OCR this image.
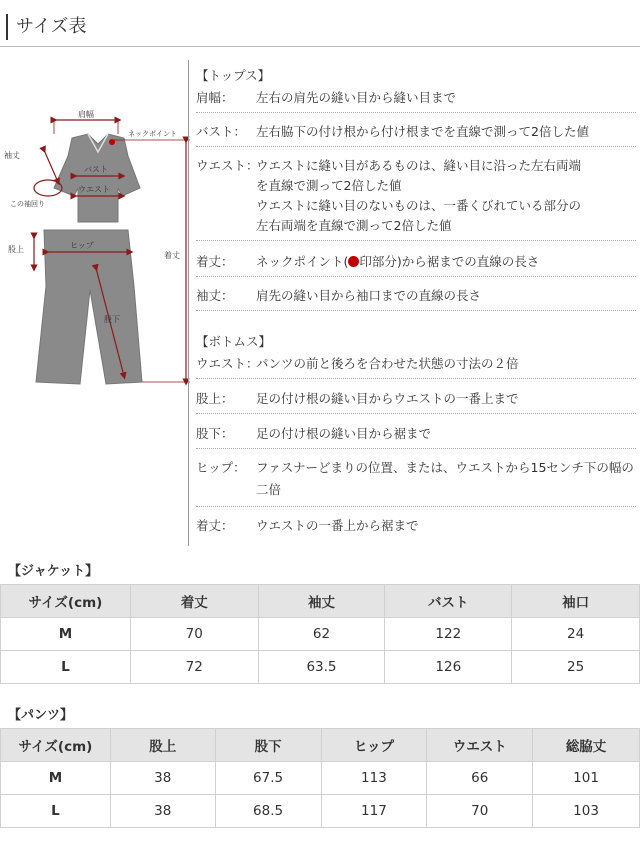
サイズ表
肩幅
ネックポイント
袖丈
バスト
ウエスト
この袖回り
股上	ヒップ
着丈
股下
【トップス】
肩幅： 左右の肩先の縫い目から縫い目まで
バスト： 左右脇下の付け根から付け根までを直線で測って2倍した値
ウエスト：
ウエストに縫い目があるものは、縫い目に沿った左右両端
を直線で測って2倍した値
ウエストに縫い目のないものは、一番くびれている部分の
左右両端を直線で測って2倍した値
着丈： ネックポイント( 印部分)から裾までの直線の長さ
袖丈： 肩先の縫い目から袖口までの直線の長さ
【ボトムス】
ウエスト：
パンツの前と後ろを合わせた状態の寸法の２倍
股上： 足の付け根の縫い目からウエストの一番上まで
股下： 足の付け根の縫い目から裾まで
ヒップ： ファスナーどまりの位置、または、ウエストから15センチ下の幅の
二倍
着丈： ウエストの一番上から裾まで
【ジャケット】
サイズ(cm)	着丈	袖丈	バスト	袖口
M	70	62	122	24
L	72	63.5	126	25
【パンツ】
サイズ(cm)	股上	股下	ヒップ	ウエスト	総脇丈
M	38	67.5	113	66	101
L	38	68.5	117	70	103
